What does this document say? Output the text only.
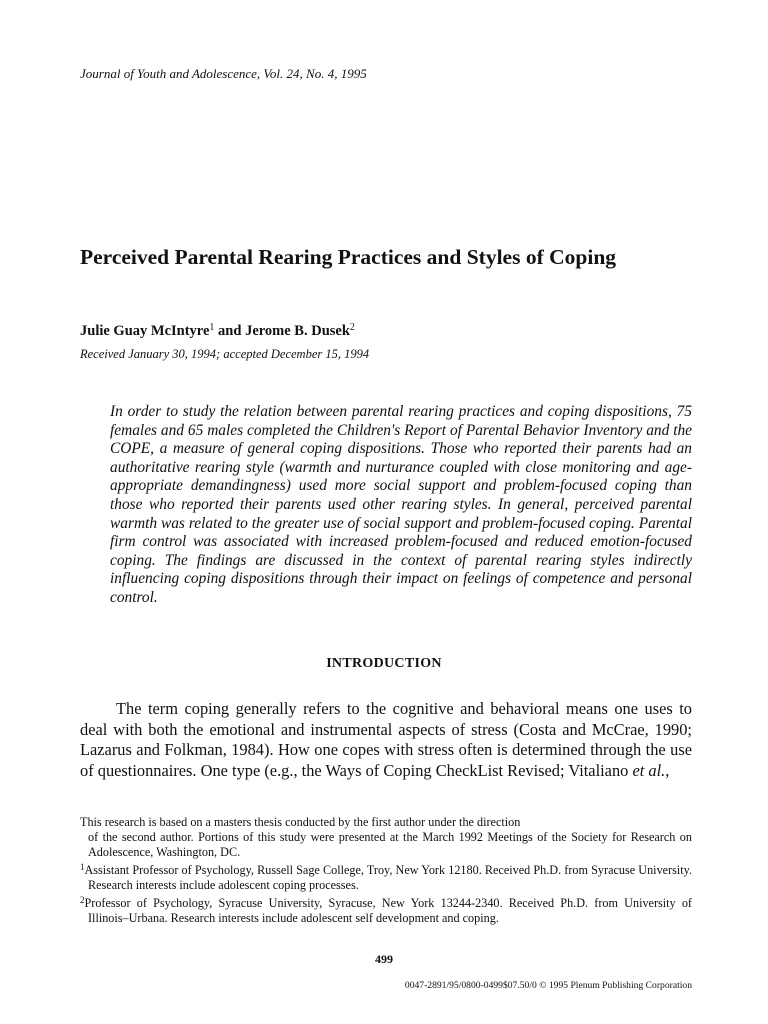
Journal of Youth and Adolescence, Vol. 24, No. 4, 1995
Perceived Parental Rearing Practices and Styles of Coping
Julie Guay McIntyre$^1$ and Jerome B. Dusek$^2$
Received January 30, 1994; accepted December 15, 1994
In order to study the relation between parental rearing practices and coping dispositions, 75 females and 65 males completed the Children's Report of Parental Behavior Inventory and the COPE, a measure of general coping dispositions. Those who reported their parents had an authoritative rearing style (warmth and nurturance coupled with close monitoring and age-appropriate demandingness) used more social support and problem-focused coping than those who reported their parents used other rearing styles. In general, perceived parental warmth was related to the greater use of social support and problem-focused coping. Parental firm control was associated with increased problem-focused and reduced emotion-focused coping. The findings are discussed in the context of parental rearing styles indirectly influencing coping dispositions through their impact on feelings of competence and personal control.
INTRODUCTION
The term coping generally refers to the cognitive and behavioral means one uses to deal with both the emotional and instrumental aspects of stress (Costa and McCrae, 1990; Lazarus and Folkman, 1984). How one copes with stress often is determined through the use of questionnaires. One type (e.g., the Ways of Coping CheckList Revised; Vitaliano et al.,

This research is based on a masters thesis conducted by the first author under the direction
of the second author. Portions of this study were presented at the March 1992 Meetings of the Society for Research on Adolescence, Washington, DC.

$^1$Assistant Professor of Psychology, Russell Sage College, Troy, New York 12180. Received Ph.D. from Syracuse University. Research interests include adolescent coping processes.

$^2$Professor of Psychology, Syracuse University, Syracuse, New York 13244-2340. Received Ph.D. from University of Illinois–Urbana. Research interests include adolescent self development and coping.

499
0047-2891/95/0800-0499$07.50/0 © 1995 Plenum Publishing Corporation
